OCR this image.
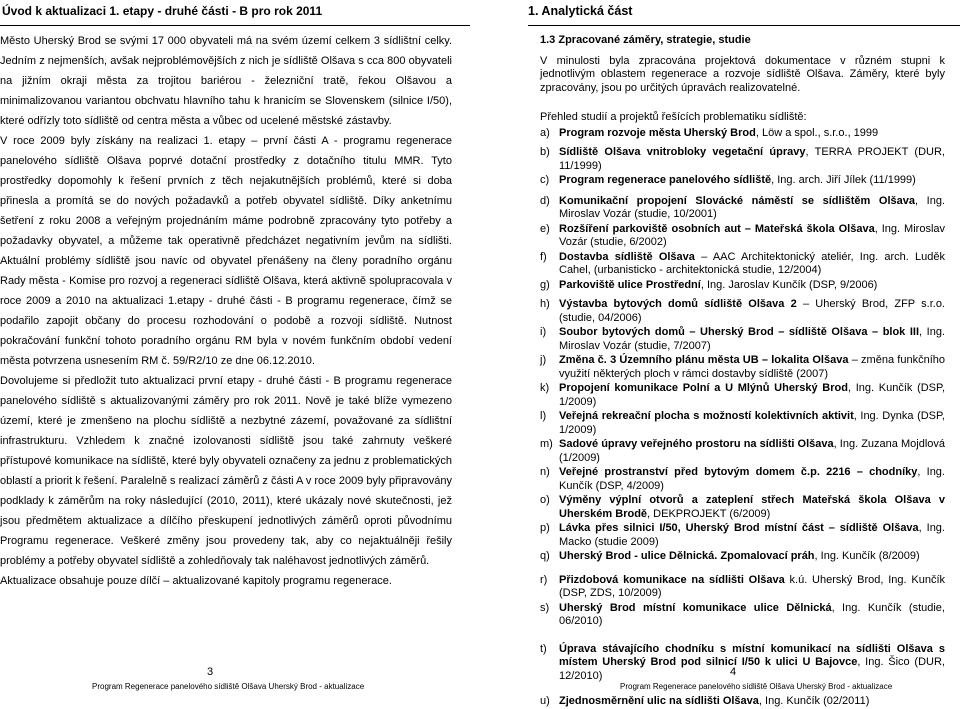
Úvod k aktualizaci 1. etapy - druhé části - B pro rok 2011

Město Uherský Brod se svými 17 000 obyvateli má na svém území celkem 3 sídlištní celky. Jedním z nejmenších, avšak nejproblémovějších z nich je sídliště Olšava s cca 800 obyvateli na jižním okraji města za trojitou bariérou - železniční tratě, řekou Olšavou a minimalizovanou variantou obchvatu hlavního tahu k hranicím se Slovenskem (silnice I/50), které odřízly toto sídliště od centra města a vůbec od ucelené městské zástavby.

V roce 2009 byly získány na realizaci 1. etapy – první části A - programu regenerace panelového sídliště Olšava poprvé dotační prostředky z dotačního titulu MMR. Tyto prostředky dopomohly k řešení prvních z těch nejakutnějších problémů, které si doba přinesla a promítá se do nových požadavků a potřeb obyvatel sídliště. Díky anketnímu šetření z roku 2008 a veřejným projednáním máme podrobně zpracovány tyto potřeby a požadavky obyvatel, a můžeme tak operativně předcházet negativním jevům na sídlišti. Aktuální problémy sídliště jsou navíc od obyvatel přenášeny na členy poradního orgánu Rady města - Komise pro rozvoj a regeneraci sídliště Olšava, která aktivně spolupracovala v roce 2009 a 2010 na aktualizaci 1.etapy - druhé části - B programu regenerace, čímž se podařilo zapojit občany do procesu rozhodování o podobě a rozvoji sídliště. Nutnost pokračování funkční tohoto poradního orgánu RM byla v novém funkčním období vedení města potvrzena usnesením RM č. 59/R2/10 ze dne 06.12.2010.

Dovolujeme si předložit tuto aktualizaci první etapy - druhé části - B programu regenerace panelového sídliště s aktualizovanými záměry pro rok 2011. Nově je také blíže vymezeno území, které je zmenšeno na plochu sídliště a nezbytné zázemí, považované za sídlištní infrastrukturu. Vzhledem k značné izolovanosti sídliště jsou také zahrnuty veškeré přístupové komunikace na sídliště, které byly obyvateli označeny za jednu z problematických oblastí a priorit k řešení. Paralelně s realizací záměrů z části A v roce 2009 byly připravovány podklady k záměrům na roky následující (2010, 2011), které ukázaly nové skutečnosti, jež jsou předmětem aktualizace a dílčího přeskupení jednotlivých záměrů oproti původnímu Programu regenerace. Veškeré změny jsou provedeny tak, aby co nejaktuálněji řešily problémy a potřeby obyvatel sídliště a zohledňovaly tak naléhavost jednotlivých záměrů.

Aktualizace obsahuje pouze dílčí – aktualizované kapitoly programu regenerace.

3
Program Regenerace panelového sídliště Olšava Uherský Brod - aktualizace
1. Analytická část
1.3 Zpracované záměry, strategie, studie

V minulosti byla zpracována projektová dokumentace v různém stupni k jednotlivým oblastem regenerace a rozvoje sídliště Olšava. Záměry, které byly zpracovány, jsou po určitých úpravách realizovatelné.

Přehled studií a projektů řešících problematiku sídliště:

a) Program rozvoje města Uherský Brod, Löw a spol., s.r.o., 1999
b) Sídliště Olšava vnitrobloky vegetační úpravy, TERRA PROJEKT (DUR, 11/1999)
c) Program regenerace panelového sídliště, Ing. arch. Jiří Jílek (11/1999)
d) Komunikační propojení Slovácké náměstí se sídlištěm Olšava, Ing. Miroslav Vozár (studie, 10/2001)
e) Rozšíření parkoviště osobních aut – Mateřská škola Olšava, Ing. Miroslav Vozár (studie, 6/2002)
f)	Dostavba sídliště Olšava – AAC Architektonický ateliér, Ing. arch. Luděk Cahel, (urbanisticko - architektonická studie, 12/2004)
g) Parkoviště ulice Prostřední, Ing. Jaroslav Kunčík (DSP, 9/2006)
h) Výstavba bytových domů sídliště Olšava 2 – Uherský Brod, ZFP s.r.o. (studie, 04/2006)
i)	Soubor bytových domů – Uherský Brod – sídliště Olšava – blok III, Ing. Miroslav Vozár (studie, 7/2007)
j)	Změna č. 3 Územního plánu města UB – lokalita Olšava – změna funkčního využití některých ploch v rámci dostavby sídliště (2007)
k) Propojení komunikace Polní a U Mlýnů Uherský Brod, Ing. Kunčík (DSP, 1/2009)
l)	Veřejná rekreační plocha s možností kolektivních aktivit, Ing. Dynka (DSP, 1/2009)
m) Sadové úpravy veřejného prostoru na sídlišti Olšava, Ing. Zuzana Mojdlová (1/2009)
n) Veřejné prostranství před bytovým domem č.p. 2216 – chodníky, Ing. Kunčík (DSP, 4/2009)
o) Výměny výplní otvorů a zateplení střech Mateřská škola Olšava v Uherském Brodě, DEKPROJEKT (6/2009)
p) Lávka přes silnici I/50, Uherský Brod místní část – sídliště Olšava, Ing. Macko (studie 2009)
q) Uherský Brod - ulice Dělnická. Zpomalovací práh, Ing. Kunčík (8/2009)
r)	Přizdobová komunikace na sídlišti Olšava k.ú. Uherský Brod, Ing. Kunčík (DSP, ZDS, 10/2009)
s) Uherský Brod místní komunikace ulice Dělnická, Ing. Kunčík (studie, 06/2010)
t)	Úprava stávajícího chodníku s místní komunikací na sídlišti Olšava s místem Uherský Brod pod silnicí I/50 k ulici U Bajovce, Ing. Šico (DUR, 12/2010)
u) Zjednosměrnění ulic na sídlišti Olšava, Ing. Kunčík (02/2011)
4
Program Regenerace panelového sídliště Olšava Uherský Brod - aktualizace
